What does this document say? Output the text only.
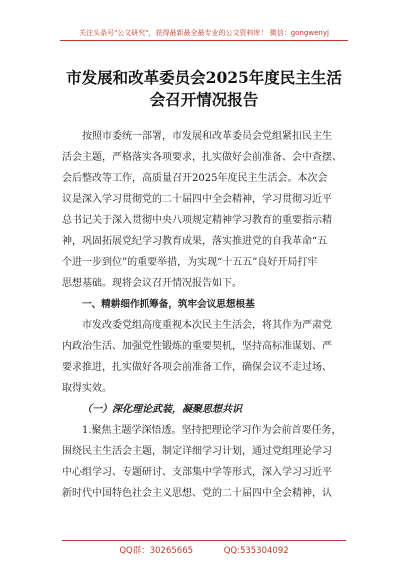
关注头条号"公文研究"，获得最新最全最专业的公文资料库！ 微信：gongwenyj
市发展和改革委员会2025年度民主生活
会召开情况报告
按照市委统一部署，市发展和改革委员会党组紧扣民主生
活会主题，严格落实各项要求，扎实做好会前准备、会中查摆、
会后整改等工作，高质量召开2025年度民主生活会。本次会
议是深入学习贯彻党的二十届四中全会精神，学习贯彻习近平
总书记关于深入贯彻中央八项规定精神学习教育的重要指示精
神，巩固拓展党纪学习教育成果，落实推进党的自我革命“五
个进一步到位”的重要举措，为实现“十五五”良好开局打牢
思想基础。现将会议召开情况报告如下。
一、精耕细作抓筹备，筑牢会议思想根基
市发改委党组高度重视本次民主生活会，将其作为严肃党
内政治生活、加强党性锻炼的重要契机，坚持高标准谋划、严
要求推进，扎实做好各项会前准备工作，确保会议不走过场、
取得实效。
（一）深化理论武装，凝聚思想共识
1.聚焦主题学深悟透。坚持把理论学习作为会前首要任务，
围绕民主生活会主题，制定详细学习计划，通过党组理论学习
中心组学习、专题研讨、支部集中学等形式，深入学习习近平
新时代中国特色社会主义思想、党的二十届四中全会精神，认
QQ群：30265665	QQ:535304092
